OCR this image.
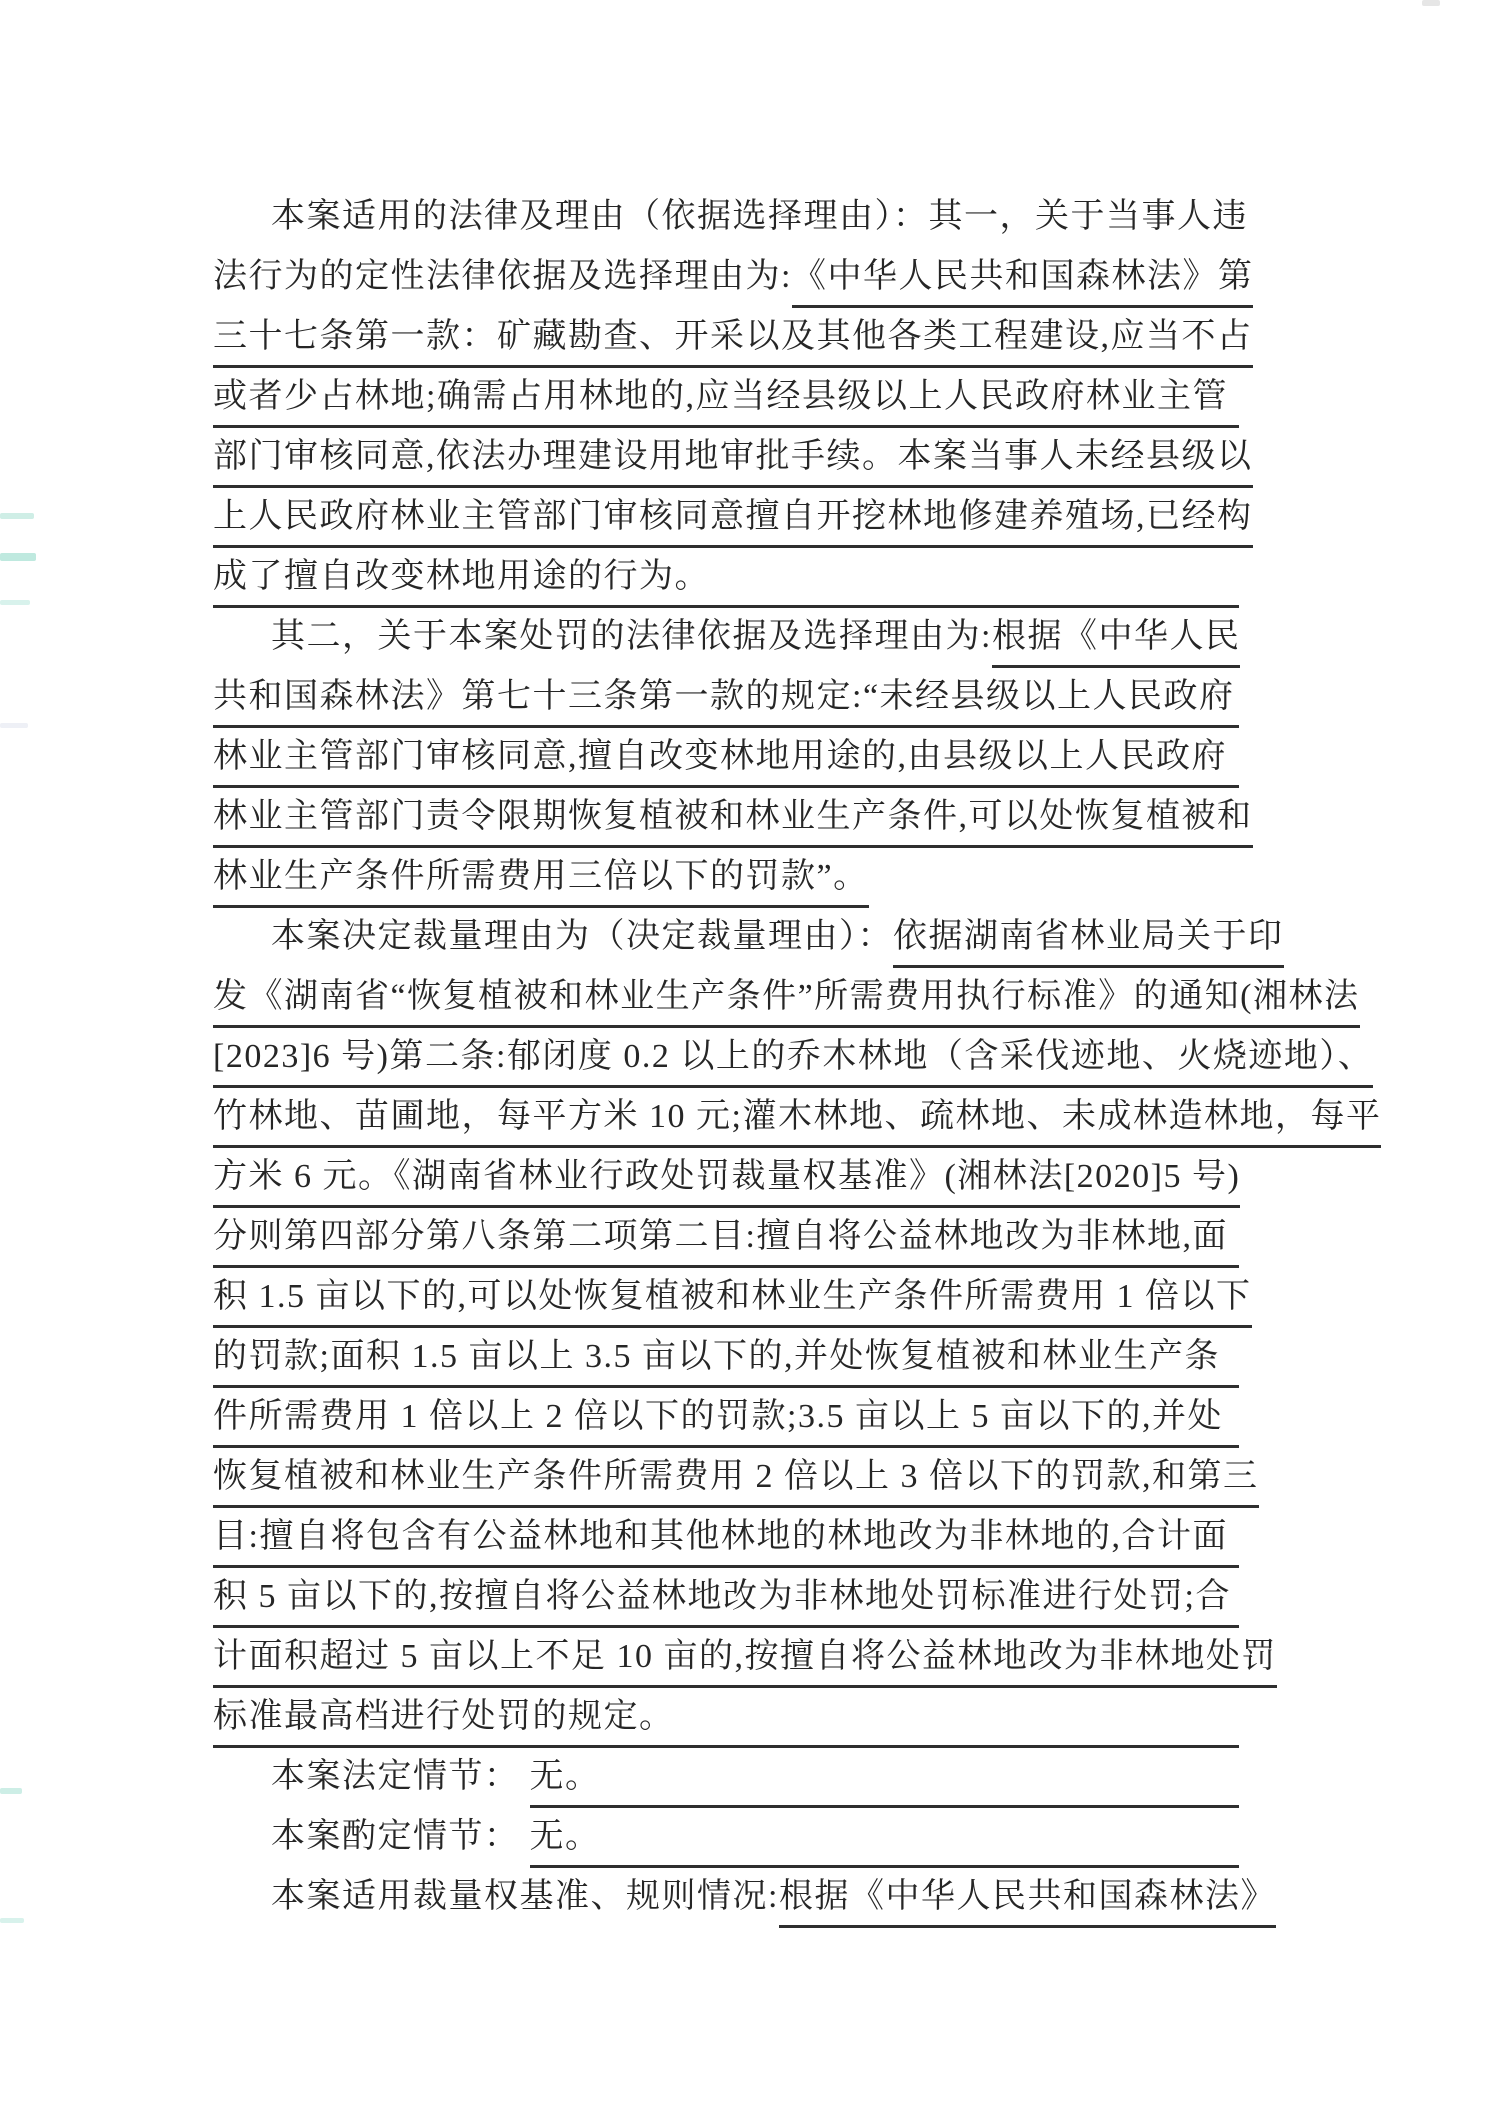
本案适用的法律及理由（依据选择理由）：其一，关于当事人违
法行为的定性法律依据及选择理由为: 《中华人民共和国森林法》第
三十七条第一款：矿藏勘查、开采以及其他各类工程建设,应当不占
或者少占林地;确需占用林地的,应当经县级以上人民政府林业主管
部门审核同意,依法办理建设用地审批手续。本案当事人未经县级以
上人民政府林业主管部门审核同意擅自开挖林地修建养殖场,已经构
成了擅自改变林地用途的行为。
其二，关于本案处罚的法律依据及选择理由为: 根据《中华人民
共和国森林法》第七十三条第一款的规定:“未经县级以上人民政府
林业主管部门审核同意,擅自改变林地用途的,由县级以上人民政府
林业主管部门责令限期恢复植被和林业生产条件,可以处恢复植被和
林业生产条件所需费用三倍以下的罚款”。
本案决定裁量理由为（决定裁量理由）： 依据湖南省林业局关于印
发《湖南省“恢复植被和林业生产条件”所需费用执行标准》的通知(湘林法
[2023]6 号)第二条:郁闭度 0.2 以上的乔木林地（含采伐迹地、火烧迹地）、
竹林地、苗圃地，每平方米 10 元;灌木林地、疏林地、未成林造林地，每平
方米 6 元。《湖南省林业行政处罚裁量权基准》(湘林法[2020]5 号)
分则第四部分第八条第二项第二目:擅自将公益林地改为非林地,面
积 1.5 亩以下的,可以处恢复植被和林业生产条件所需费用 1 倍以下
的罚款;面积 1.5 亩以上 3.5 亩以下的,并处恢复植被和林业生产条
件所需费用 1 倍以上 2 倍以下的罚款;3.5 亩以上 5 亩以下的,并处
恢复植被和林业生产条件所需费用 2 倍以上 3 倍以下的罚款,和第三
目:擅自将包含有公益林地和其他林地的林地改为非林地的,合计面
积 5 亩以下的,按擅自将公益林地改为非林地处罚标准进行处罚;合
计面积超过 5 亩以上不足 10 亩的,按擅自将公益林地改为非林地处罚
标准最高档进行处罚的规定。
本案法定情节： 无。
本案酌定情节： 无。
本案适用裁量权基准、规则情况: 根据《中华人民共和国森林法》
